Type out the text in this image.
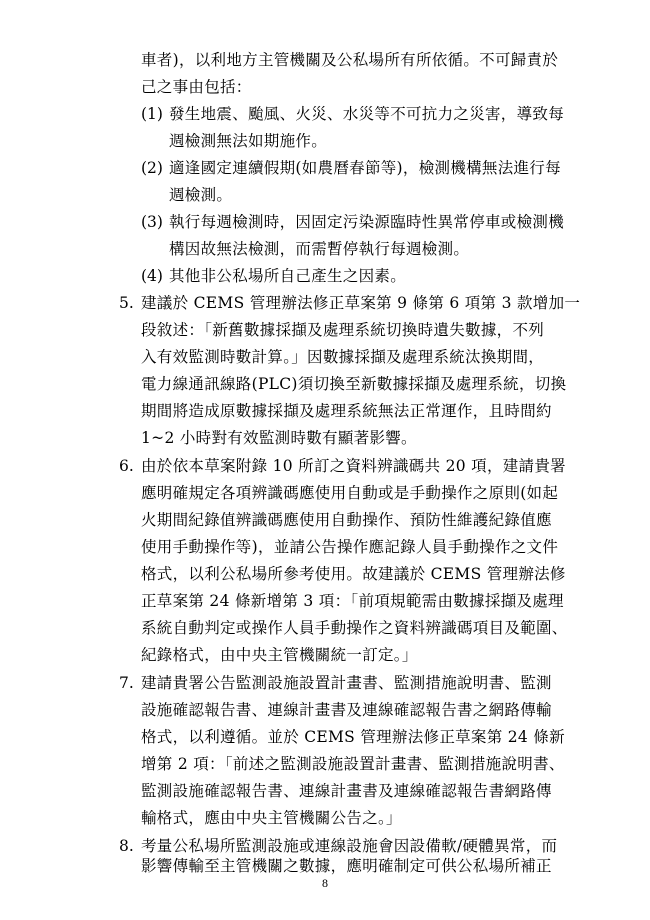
車者)，以利地方主管機關及公私場所有所依循。不可歸責於
己之事由包括：
(1) 發生地震、颱風、火災、水災等不可抗力之災害，導致每
週檢測無法如期施作。
(2) 適逢國定連續假期(如農曆春節等)，檢測機構無法進行每
週檢測。
(3) 執行每週檢測時，因固定污染源臨時性異常停車或檢測機
構因故無法檢測，而需暫停執行每週檢測。
(4) 其他非公私場所自己產生之因素。
5. 建議於 CEMS 管理辦法修正草案第 9 條第 6 項第 3 款增加一
段敘述：「新舊數據採擷及處理系統切換時遺失數據，不列
入有效監測時數計算。」因數據採擷及處理系統汰換期間，
電力線通訊線路(PLC)須切換至新數據採擷及處理系統，切換
期間將造成原數據採擷及處理系統無法正常運作，且時間約
1~2 小時對有效監測時數有顯著影響。
6. 由於依本草案附錄 10 所訂之資料辨識碼共 20 項，建請貴署
應明確規定各項辨識碼應使用自動或是手動操作之原則(如起
火期間紀錄值辨識碼應使用自動操作、預防性維護紀錄值應
使用手動操作等)，並請公告操作應記錄人員手動操作之文件
格式，以利公私場所參考使用。故建議於 CEMS 管理辦法修
正草案第 24 條新增第 3 項：「前項規範需由數據採擷及處理
系統自動判定或操作人員手動操作之資料辨識碼項目及範圍、
紀錄格式，由中央主管機關統一訂定。」
7. 建請貴署公告監測設施設置計畫書、監測措施說明書、監測
設施確認報告書、連線計畫書及連線確認報告書之網路傳輸
格式，以利遵循。並於 CEMS 管理辦法修正草案第 24 條新
增第 2 項：「前述之監測設施設置計畫書、監測措施說明書、
監測設施確認報告書、連線計畫書及連線確認報告書網路傳
輸格式，應由中央主管機關公告之。」
8. 考量公私場所監測設施或連線設施會因設備軟/硬體異常，而
影響傳輸至主管機關之數據，應明確制定可供公私場所補正
8
